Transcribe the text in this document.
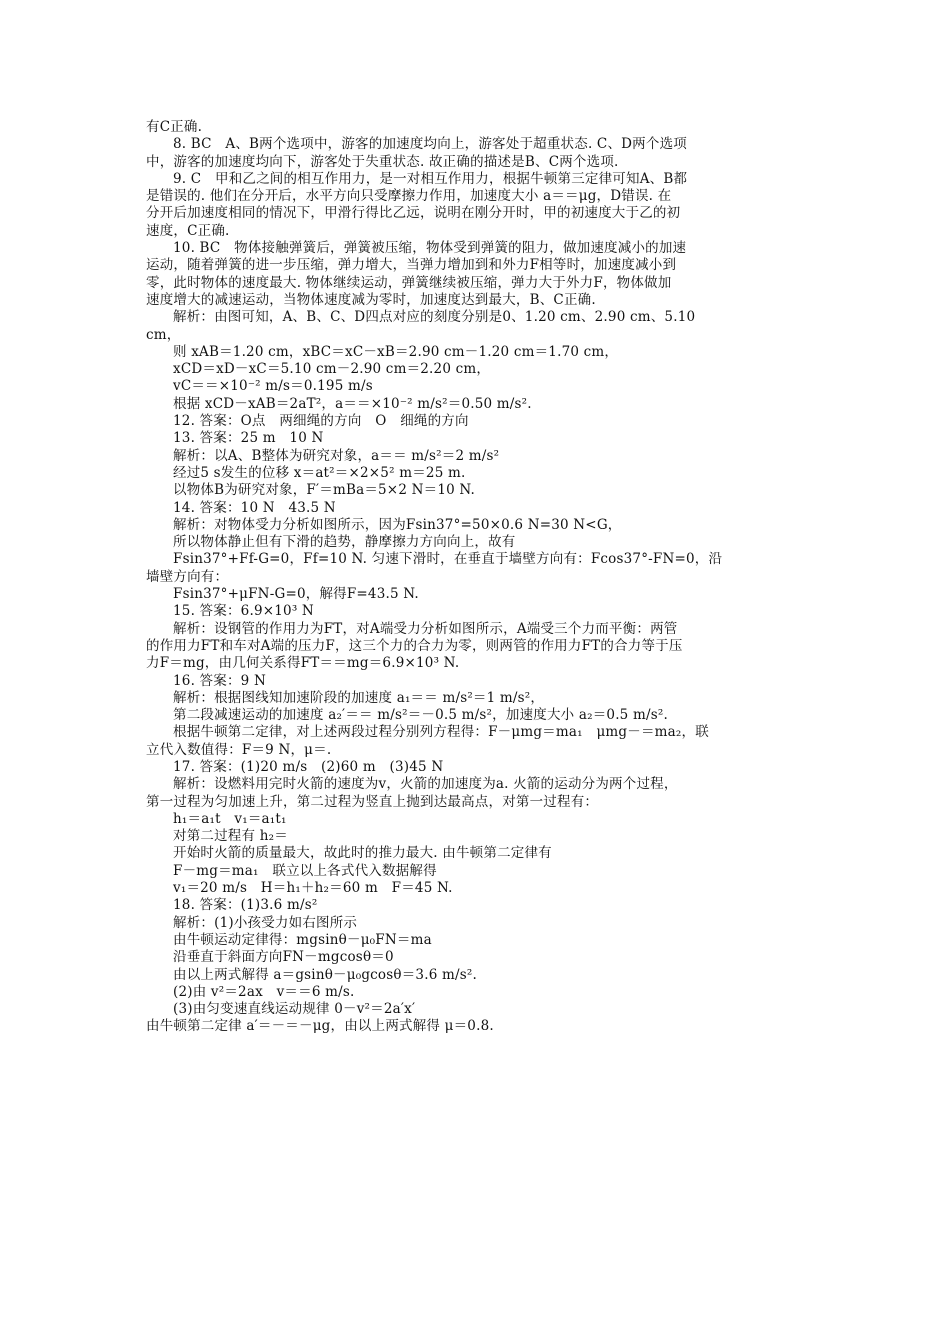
有C正确.
8. BC　A、B两个选项中，游客的加速度均向上，游客处于超重状态. C、D两个选项
中，游客的加速度均向下，游客处于失重状态. 故正确的描述是B、C两个选项.
9. C　甲和乙之间的相互作用力，是一对相互作用力，根据牛顿第三定律可知A、B都
是错误的. 他们在分开后，水平方向只受摩擦力作用，加速度大小 a＝＝μg，D错误. 在
分开后加速度相同的情况下，甲滑行得比乙远，说明在刚分开时，甲的初速度大于乙的初
速度，C正确.
10. BC　物体接触弹簧后，弹簧被压缩，物体受到弹簧的阻力，做加速度减小的加速
运动，随着弹簧的进一步压缩，弹力增大，当弹力增加到和外力F相等时，加速度减小到
零，此时物体的速度最大. 物体继续运动，弹簧继续被压缩，弹力大于外力F，物体做加
速度增大的减速运动，当物体速度减为零时，加速度达到最大，B、C正确.
解析：由图可知，A、B、C、D四点对应的刻度分别是0、1.20 cm、2.90 cm、5.10
cm，
则 xAB＝1.20 cm，xBC＝xC－xB＝2.90 cm－1.20 cm＝1.70 cm，
xCD＝xD－xC＝5.10 cm－2.90 cm＝2.20 cm，
vC＝＝×10⁻² m/s＝0.195 m/s
根据 xCD－xAB＝2aT²，a＝＝×10⁻² m/s²＝0.50 m/s².
12. 答案：O点　两细绳的方向　O　细绳的方向
13. 答案：25 m　10 N
解析：以A、B整体为研究对象，a＝＝ m/s²＝2 m/s²
经过5 s发生的位移 x＝at²＝×2×5² m＝25 m.
以物体B为研究对象，F′＝mBa＝5×2 N＝10 N.
14. 答案：10 N　43.5 N
解析：对物体受力分析如图所示，因为Fsin37°=50×0.6 N=30 N<G，
所以物体静止但有下滑的趋势，静摩擦力方向向上，故有
Fsin37°+Ff-G=0，Ff=10 N. 匀速下滑时，在垂直于墙壁方向有：Fcos37°-FN=0，沿
墙壁方向有：
Fsin37°+μFN-G=0，解得F=43.5 N.
15. 答案：6.9×10³ N
解析：设钢管的作用力为FT，对A端受力分析如图所示，A端受三个力而平衡：两管
的作用力FT和车对A端的压力F，这三个力的合力为零，则两管的作用力FT的合力等于压
力F＝mg，由几何关系得FT＝＝mg＝6.9×10³ N.
16. 答案：9 N
解析：根据图线知加速阶段的加速度 a₁＝＝ m/s²＝1 m/s²，
第二段减速运动的加速度 a₂′＝＝ m/s²＝－0.5 m/s²，加速度大小 a₂＝0.5 m/s².
根据牛顿第二定律，对上述两段过程分别列方程得：F－μmg＝ma₁　μmg－＝ma₂，联
立代入数值得：F＝9 N，μ＝.
17. 答案：(1)20 m/s　(2)60 m　(3)45 N
解析：设燃料用完时火箭的速度为v，火箭的加速度为a. 火箭的运动分为两个过程，
第一过程为匀加速上升，第二过程为竖直上抛到达最高点，对第一过程有：
h₁＝a₁t　v₁＝a₁t₁
对第二过程有 h₂＝
开始时火箭的质量最大，故此时的推力最大. 由牛顿第二定律有
F－mg＝ma₁　联立以上各式代入数据解得
v₁＝20 m/s　H＝h₁＋h₂＝60 m　F＝45 N.
18. 答案：(1)3.6 m/s²
解析：(1)小孩受力如右图所示
由牛顿运动定律得：mgsinθ－μ₀FN＝ma
沿垂直于斜面方向FN－mgcosθ＝0
由以上两式解得 a＝gsinθ－μ₀gcosθ＝3.6 m/s².
(2)由 v²＝2ax　v＝＝6 m/s.
(3)由匀变速直线运动规律 0－v²＝2a′x′
由牛顿第二定律 a′＝－＝－μg，由以上两式解得 μ＝0.8.
